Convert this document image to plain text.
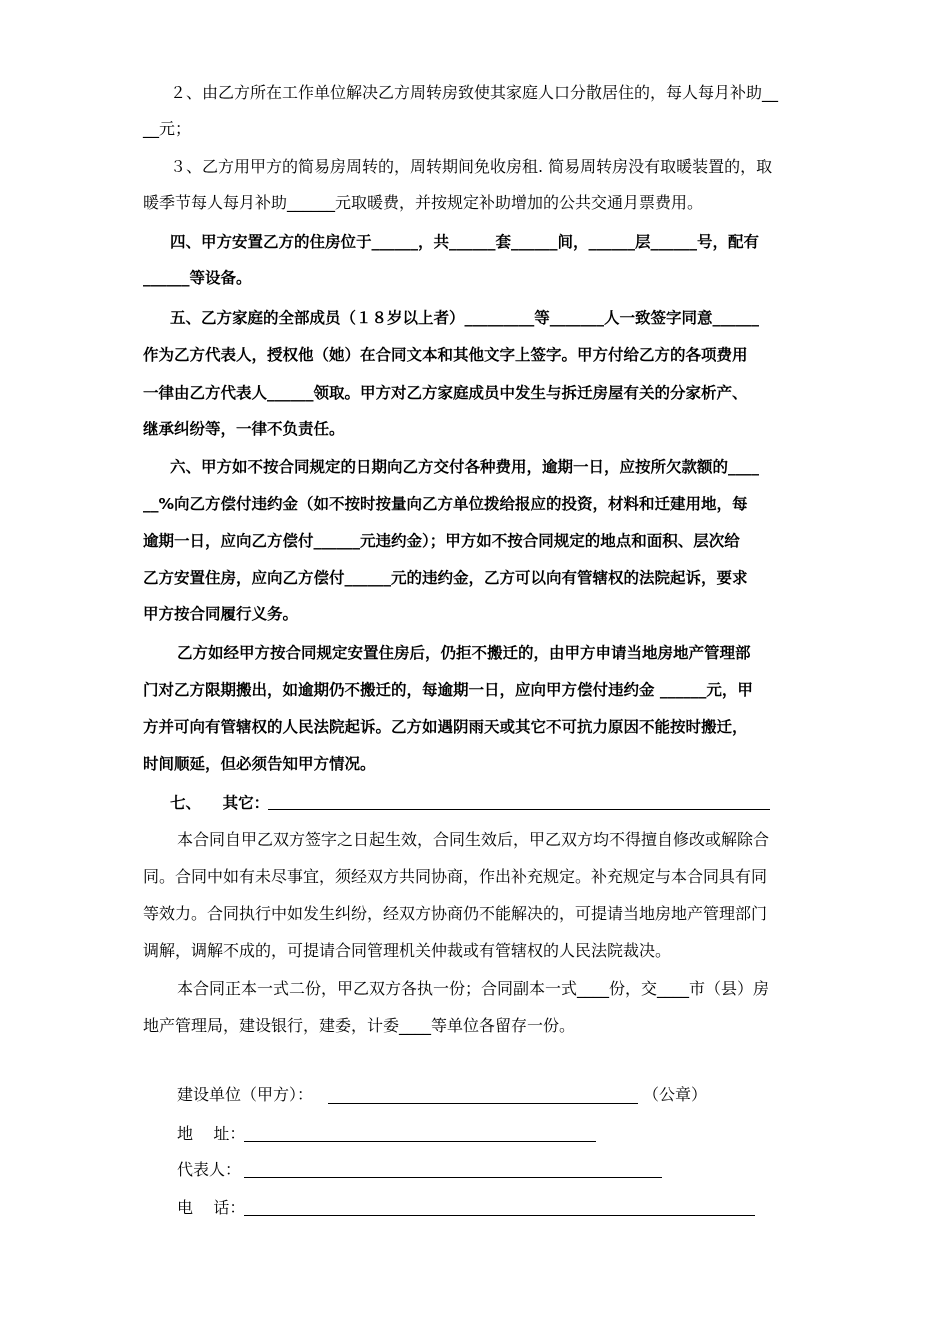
２、由乙方所在工作单位解决乙方周转房致使其家庭人口分散居住的，每人每月补助__
__元；
３、乙方用甲方的简易房周转的，周转期间免收房租. 简易周转房没有取暖装置的，取
暖季节每人每月补助______元取暖费，并按规定补助增加的公共交通月票费用。
四、甲方安置乙方的住房位于______，共______套______间，______层______号，配有
______等设备。
五、乙方家庭的全部成员（１８岁以上者）_________等_______人一致签字同意______
作为乙方代表人，授权他（她）在合同文本和其他文字上签字。甲方付给乙方的各项费用
一律由乙方代表人______领取。甲方对乙方家庭成员中发生与拆迁房屋有关的分家析产、
继承纠纷等，一律不负责任。
六、甲方如不按合同规定的日期向乙方交付各种费用，逾期一日，应按所欠款额的____
__%向乙方偿付违约金（如不按时按量向乙方单位拨给报应的投资，材料和迁建用地，每
逾期一日，应向乙方偿付______元违约金）；甲方如不按合同规定的地点和面积、层次给
乙方安置住房，应向乙方偿付______元的违约金，乙方可以向有管辖权的法院起诉，要求
甲方按合同履行义务。
乙方如经甲方按合同规定安置住房后，仍拒不搬迁的，由甲方申请当地房地产管理部
门对乙方限期搬出，如逾期仍不搬迁的，每逾期一日，应向甲方偿付违约金 ______元，甲
方并可向有管辖权的人民法院起诉。乙方如遇阴雨天或其它不可抗力原因不能按时搬迁，
时间顺延，但必须告知甲方情况。
七、    其它：
本合同自甲乙双方签字之日起生效，合同生效后，甲乙双方均不得擅自修改或解除合
同。合同中如有未尽事宜，须经双方共同协商，作出补充规定。补充规定与本合同具有同
等效力。合同执行中如发生纠纷，经双方协商仍不能解决的，可提请当地房地产管理部门
调解，调解不成的，可提请合同管理机关仲裁或有管辖权的人民法院裁决。
本合同正本一式二份，甲乙双方各执一份；合同副本一式____份，交____市（县）房
地产管理局，建设银行，建委，计委____等单位各留存一份。
建设单位（甲方）：	（公章）
地    址：
代表人：
电    话：
